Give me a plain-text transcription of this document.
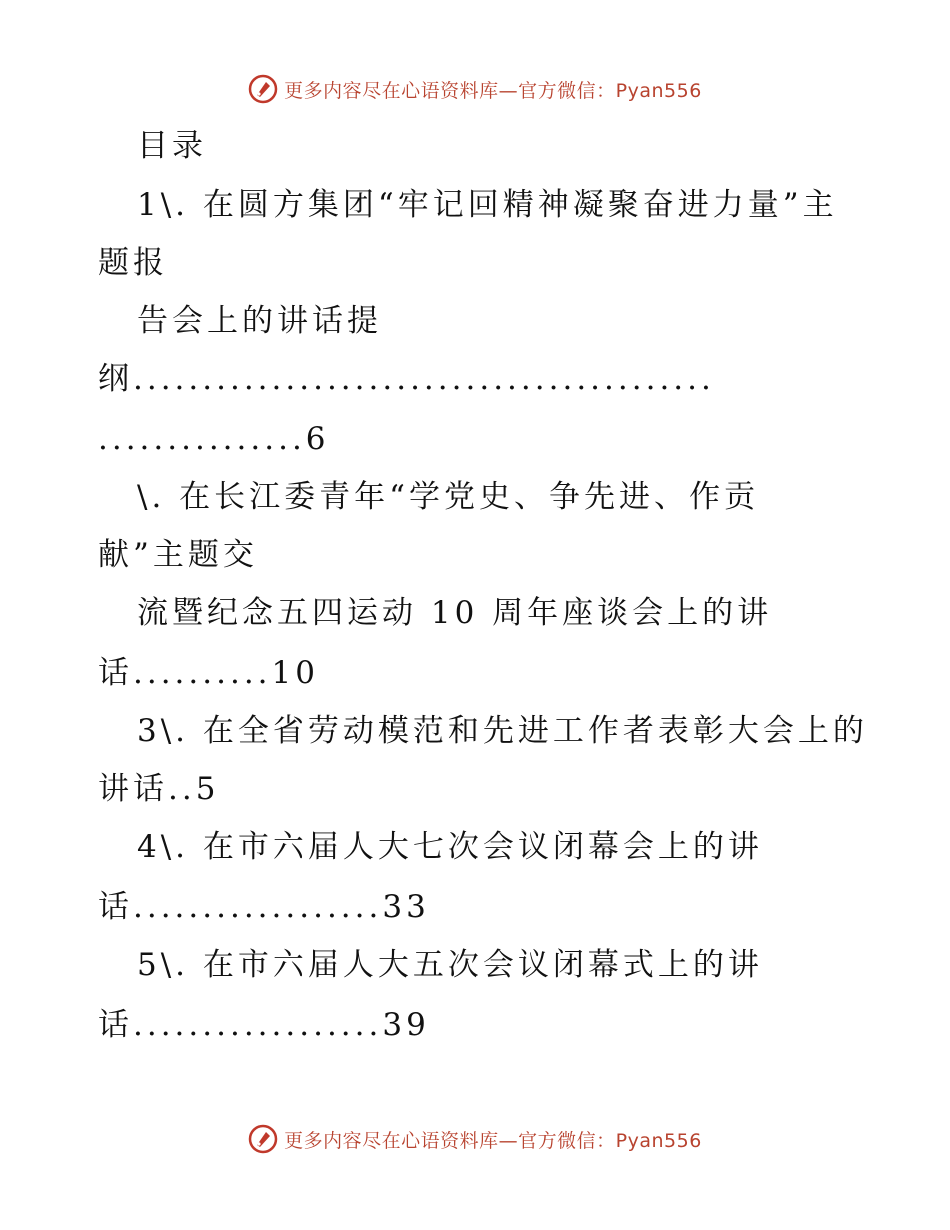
更多内容尽在心语资料库—官方微信：Pyan556
目录
1\. 在圆方集团“牢记回精神凝聚奋进力量”主
题报
告会上的讲话提
纲..........................................
...............6
\. 在长江委青年“学党史、争先进、作贡
献”主题交
流暨纪念五四运动 10 周年座谈会上的讲
话..........10
3\. 在全省劳动模范和先进工作者表彰大会上的
讲话..5
4\. 在市六届人大七次会议闭幕会上的讲
话..................33
5\. 在市六届人大五次会议闭幕式上的讲
话..................39
更多内容尽在心语资料库—官方微信：Pyan556
